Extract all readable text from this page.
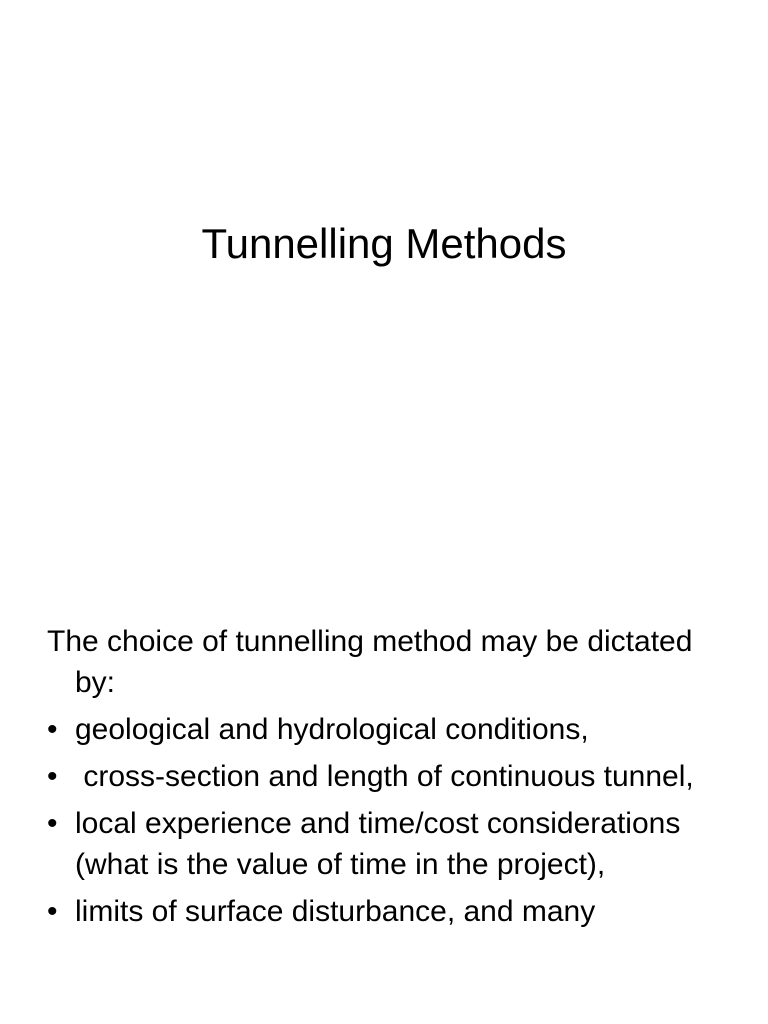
Tunnelling Methods

The choice of tunnelling method may be dictated by:

• geological and hydrological conditions,
• cross-section and length of continuous tunnel,
• local experience and time/cost considerations (what is the value of time in the project),
• limits of surface disturbance, and many
